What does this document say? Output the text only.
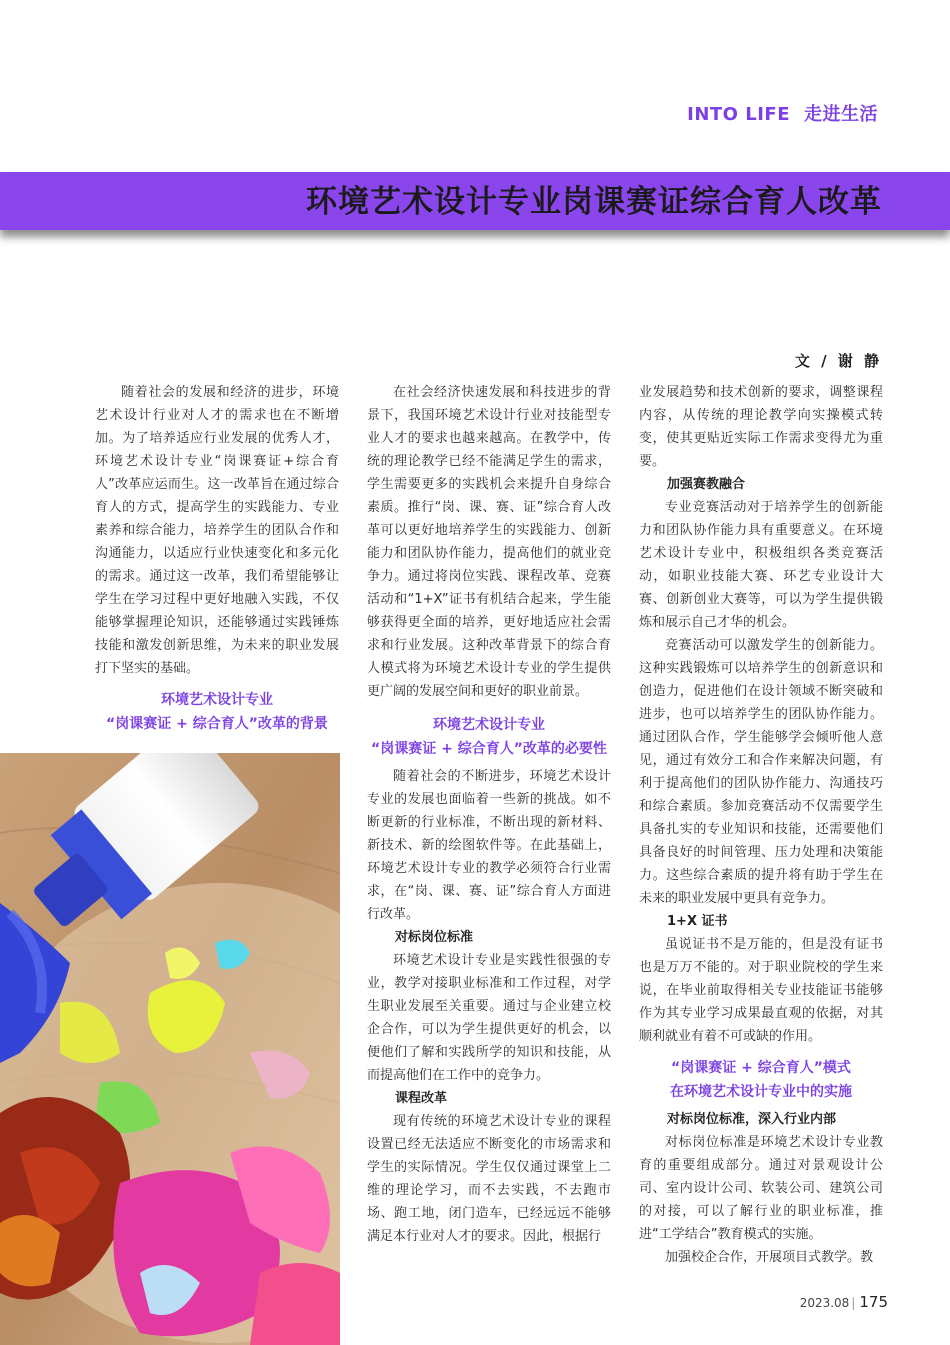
INTO LIFE 走进生活
环境艺术设计专业岗课赛证综合育人改革
文 / 谢 静

随着社会的发展和经济的进步，环境艺术设计行业对人才的需求也在不断增加。为了培养适应行业发展的优秀人才，环境艺术设计专业“岗课赛证+综合育人”改革应运而生。这一改革旨在通过综合育人的方式，提高学生的实践能力、专业素养和综合能力，培养学生的团队合作和沟通能力，以适应行业快速变化和多元化的需求。通过这一改革，我们希望能够让学生在学习过程中更好地融入实践，不仅能够掌握理论知识，还能够通过实践锤炼技能和激发创新思维，为未来的职业发展打下坚实的基础。

环境艺术设计专业
“岗课赛证 + 综合育人”改革的背景

在社会经济快速发展和科技进步的背景下，我国环境艺术设计行业对技能型专业人才的要求也越来越高。在教学中，传统的理论教学已经不能满足学生的需求，学生需要更多的实践机会来提升自身综合素质。推行“岗、课、赛、证”综合育人改革可以更好地培养学生的实践能力、创新能力和团队协作能力，提高他们的就业竞争力。通过将岗位实践、课程改革、竞赛活动和“1+X”证书有机结合起来，学生能够获得更全面的培养，更好地适应社会需求和行业发展。这种改革背景下的综合育人模式将为环境艺术设计专业的学生提供更广阔的发展空间和更好的职业前景。

环境艺术设计专业
“岗课赛证 + 综合育人”改革的必要性

随着社会的不断进步，环境艺术设计专业的发展也面临着一些新的挑战。如不断更新的行业标准，不断出现的新材料、新技术、新的绘图软件等。在此基础上，环境艺术设计专业的教学必须符合行业需求，在“岗、课、赛、证”综合育人方面进行改革。

对标岗位标准

环境艺术设计专业是实践性很强的专业，教学对接职业标准和工作过程，对学生职业发展至关重要。通过与企业建立校企合作，可以为学生提供更好的机会，以便他们了解和实践所学的知识和技能，从而提高他们在工作中的竞争力。

课程改革

现有传统的环境艺术设计专业的课程设置已经无法适应不断变化的市场需求和学生的实际情况。学生仅仅通过课堂上二维的理论学习，而不去实践，不去跑市场、跑工地，闭门造车，已经远远不能够满足本行业对人才的要求。因此，根据行

业发展趋势和技术创新的要求，调整课程内容，从传统的理论教学向实操模式转变，使其更贴近实际工作需求变得尤为重要。

加强赛教融合

专业竞赛活动对于培养学生的创新能力和团队协作能力具有重要意义。在环境艺术设计专业中，积极组织各类竞赛活动，如职业技能大赛、环艺专业设计大赛、创新创业大赛等，可以为学生提供锻炼和展示自己才华的机会。

竞赛活动可以激发学生的创新能力。这种实践锻炼可以培养学生的创新意识和创造力，促进他们在设计领域不断突破和进步，也可以培养学生的团队协作能力。通过团队合作，学生能够学会倾听他人意见，通过有效分工和合作来解决问题，有利于提高他们的团队协作能力、沟通技巧和综合素质。参加竞赛活动不仅需要学生具备扎实的专业知识和技能，还需要他们具备良好的时间管理、压力处理和决策能力。这些综合素质的提升将有助于学生在未来的职业发展中更具有竞争力。

1+X 证书

虽说证书不是万能的，但是没有证书也是万万不能的。对于职业院校的学生来说，在毕业前取得相关专业技能证书能够作为其专业学习成果最直观的依据，对其顺利就业有着不可或缺的作用。

“岗课赛证 + 综合育人”模式
在环境艺术设计专业中的实施
对标岗位标准，深入行业内部

对标岗位标准是环境艺术设计专业教育的重要组成部分。通过对景观设计公司、室内设计公司、软装公司、建筑公司的对接，可以了解行业的职业标准，推进“工学结合”教育模式的实施。

加强校企合作，开展项目式教学。教

2023.08 | 175
